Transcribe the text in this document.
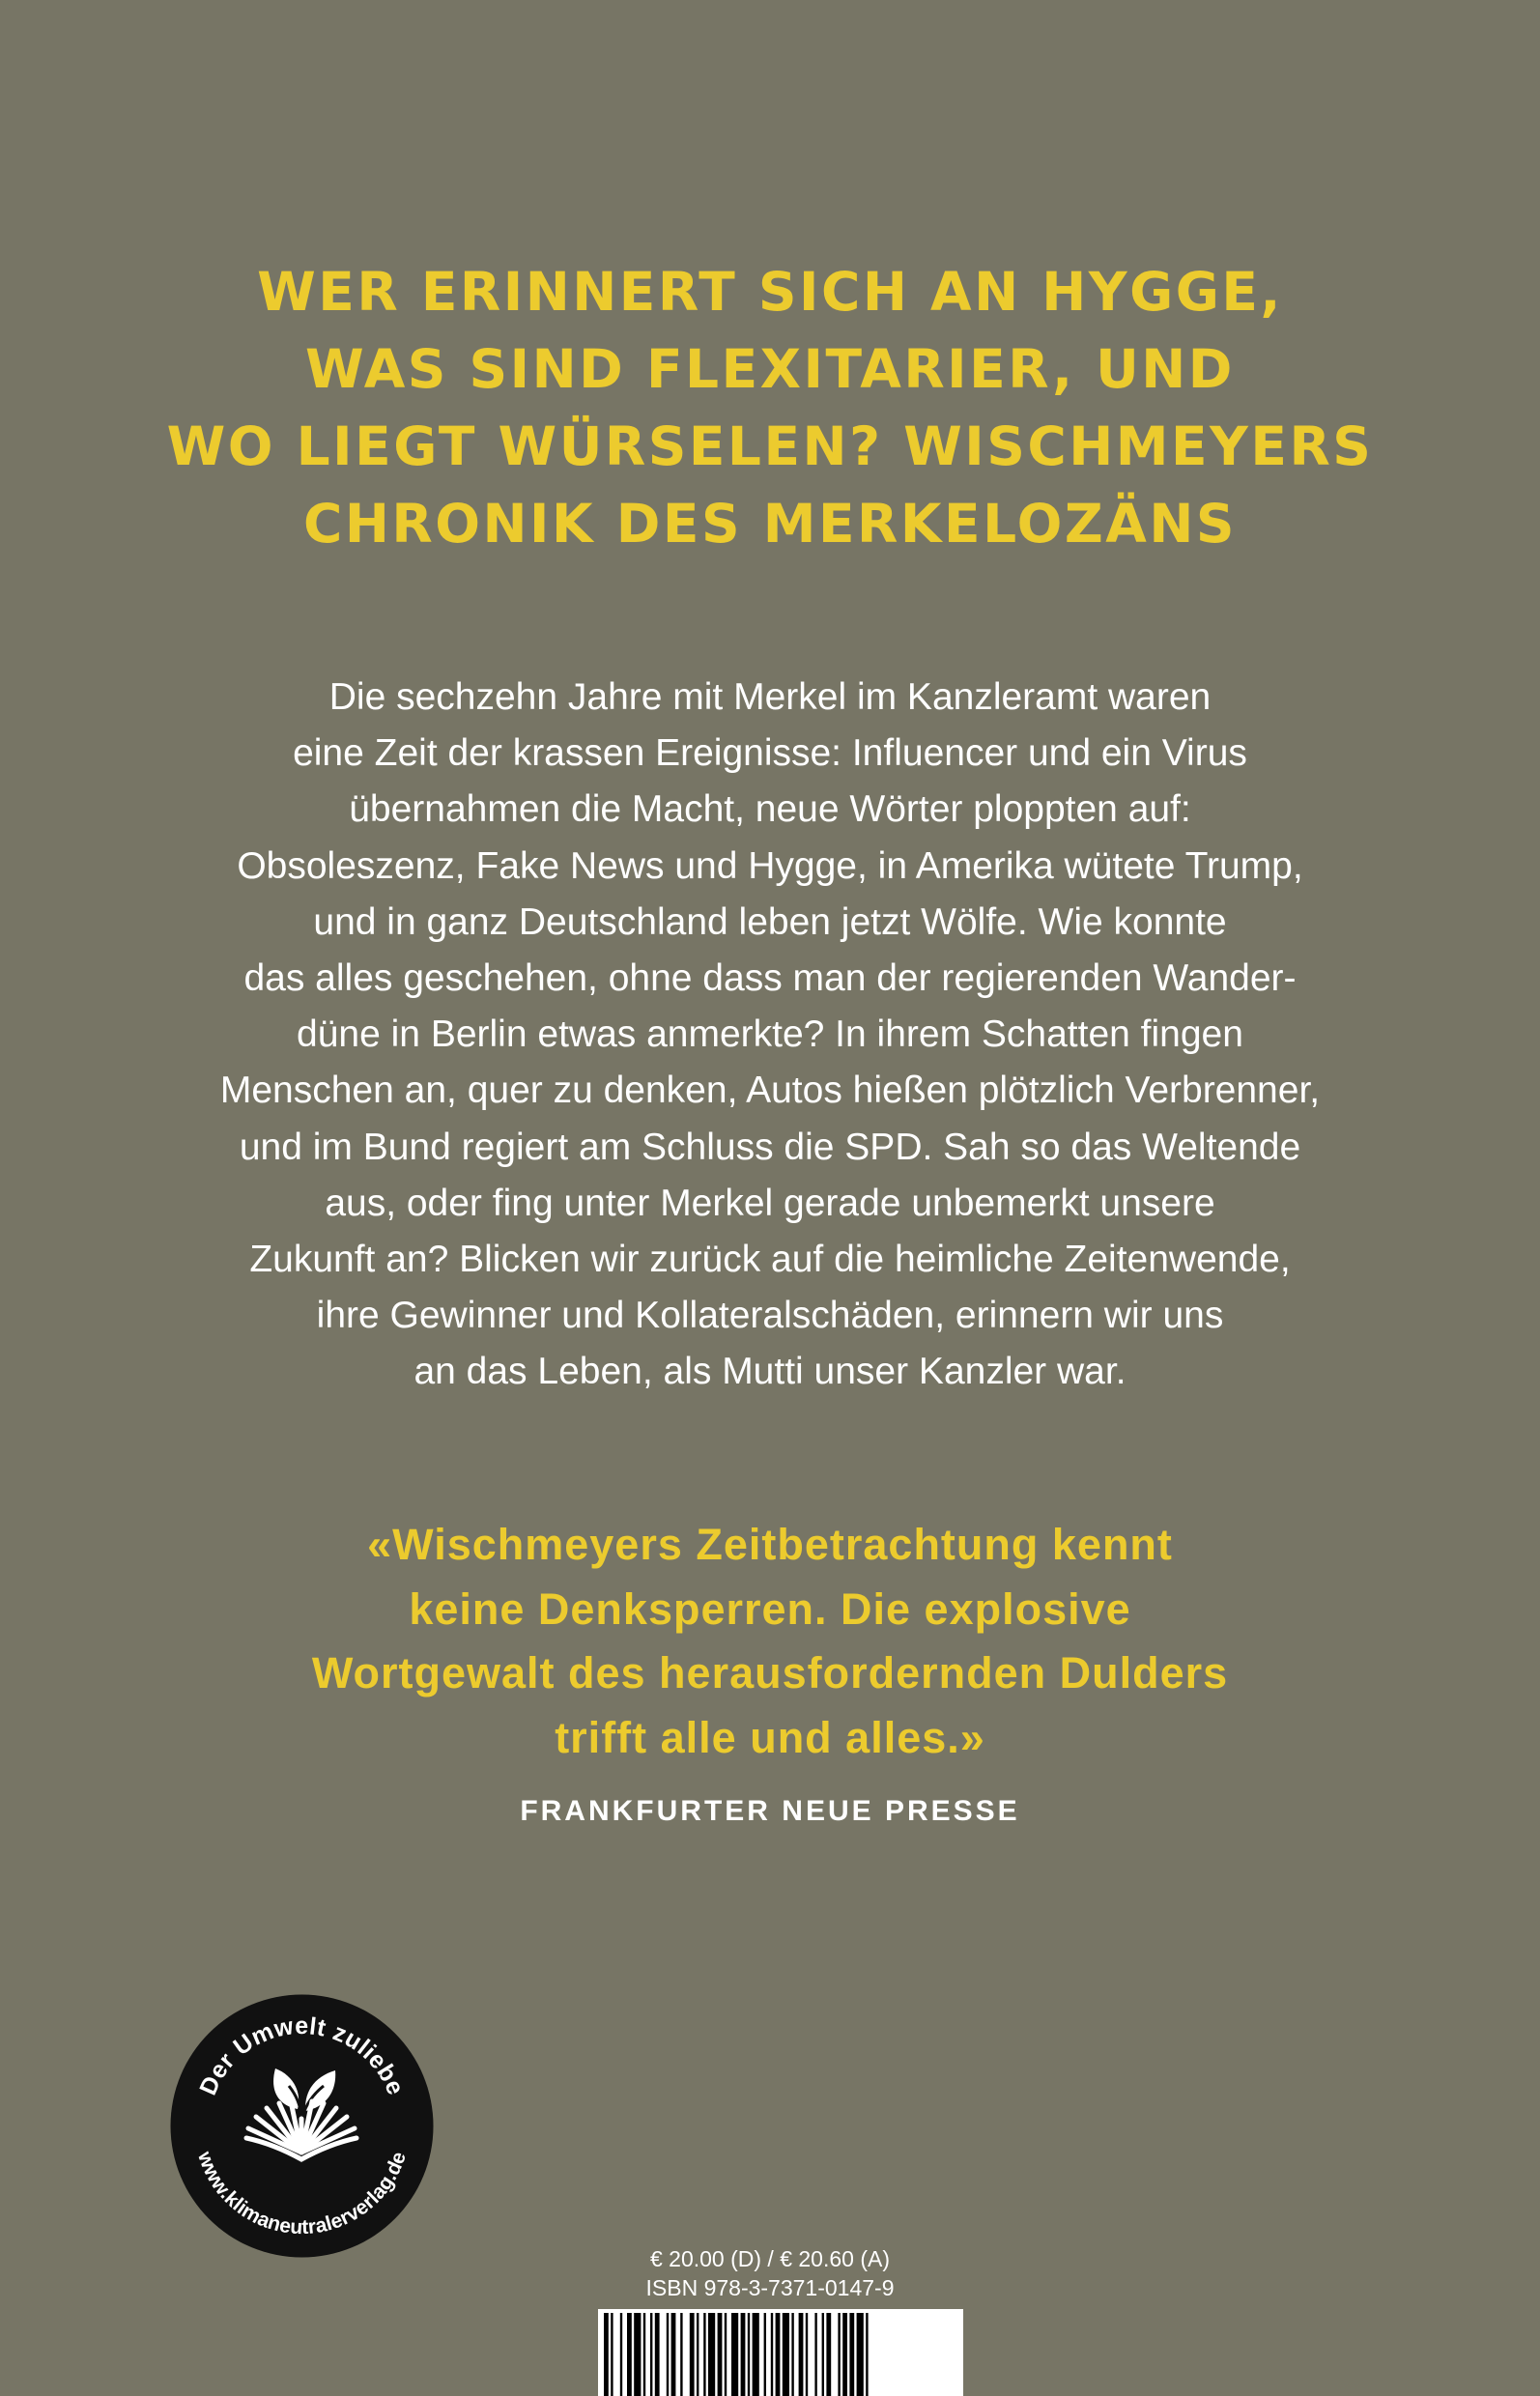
WER ERINNERT SICH AN HYGGE,
WAS SIND FLEXITARIER, UND
WO LIEGT WÜRSELEN? WISCHMEYERS
CHRONIK DES MERKELOZÄNS
Die sechzehn Jahre mit Merkel im Kanzleramt waren
eine Zeit der krassen Ereignisse: Influencer und ein Virus
übernahmen die Macht, neue Wörter ploppten auf:
Obsoleszenz, Fake News und Hygge, in Amerika wütete Trump,
und in ganz Deutschland leben jetzt Wölfe. Wie konnte
das alles geschehen, ohne dass man der regierenden Wander-
düne in Berlin etwas anmerkte? In ihrem Schatten fingen
Menschen an, quer zu denken, Autos hießen plötzlich Verbrenner,
und im Bund regiert am Schluss die SPD. Sah so das Weltende
aus, oder fing unter Merkel gerade unbemerkt unsere
Zukunft an? Blicken wir zurück auf die heimliche Zeitenwende,
ihre Gewinner und Kollateralschäden, erinnern wir uns
an das Leben, als Mutti unser Kanzler war.
«Wischmeyers Zeitbetrachtung kennt
keine Denksperren. Die explosive
Wortgewalt des herausfordernden Dulders
trifft alle und alles.»
FRANKFURTER NEUE PRESSE
Der Umwelt zuliebe
www.klimaneutralerverlag.de
€ 20.00 (D) / € 20.60 (A)
ISBN 978-3-7371-0147-9
